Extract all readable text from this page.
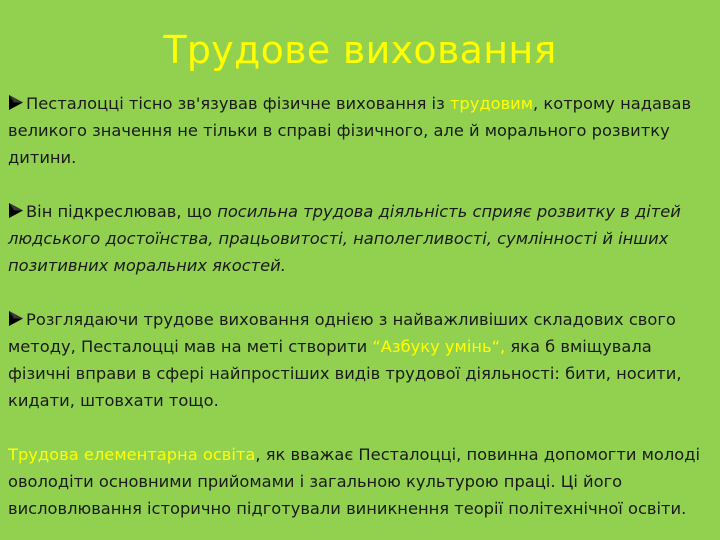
Трудове виховання

Песталоцці тісно зв'язував фізичне виховання із трудовим, котрому надавав великого значення не тільки в справі фізичного, але й морального розвитку дитини.

Він підкреслював, що посильна трудова діяльність сприяє розвитку в дітей людського достоїнства, працьовитості, наполегливості, сумлінності й інших позитивних моральних якостей.

Розглядаючи трудове виховання однією з найважливіших складових свого методу, Песталоцці мав на меті створити “Азбуку умінь“, яка б вміщувала фізичні вправи в сфері найпростіших видів трудової діяльності: бити, носити, кидати, штовхати тощо.

Трудова елементарна освіта, як вважає Песталоцці, повинна допомогти молоді оволодіти основними прийомами і загальною культурою праці. Ці його висловлювання історично підготували виникнення теорії політехнічної освіти.
